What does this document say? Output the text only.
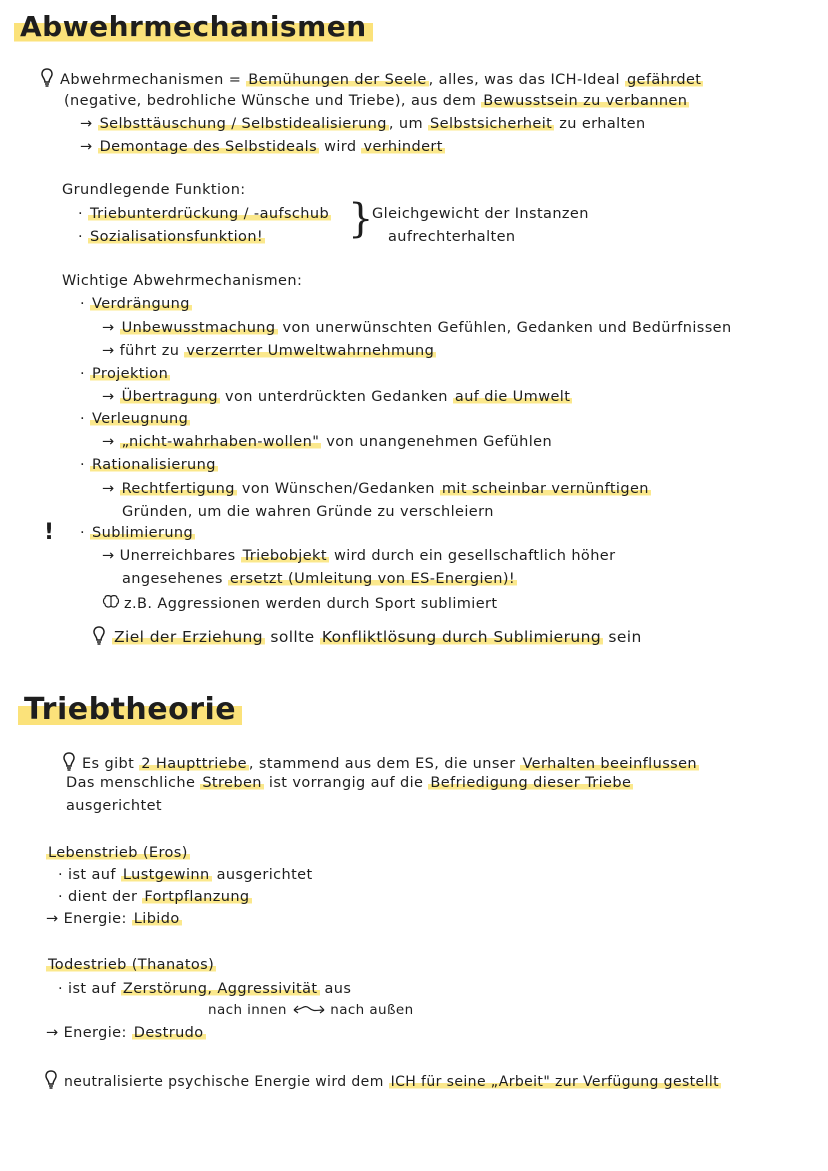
Abwehrmechanismen
Abwehrmechanismen = Bemühungen der Seele , alles, was das ICH-Ideal gefährdet
(negative, bedrohliche Wünsche und Triebe), aus dem Bewusstsein zu verbannen
→ Selbsttäuschung / Selbstidealisierung , um Selbstsicherheit zu erhalten
→ Demontage des Selbstideals wird verhindert
Grundlegende Funktion:
· Triebunterdrückung / -aufschub
· Sozialisationsfunktion! }
Gleichgewicht der Instanzen
aufrechterhalten
Wichtige Abwehrmechanismen:
· Verdrängung
→ Unbewusstmachung von unerwünschten Gefühlen, Gedanken und Bedürfnissen
→ führt zu verzerrter Umweltwahrnehmung
· Projektion
→ Übertragung von unterdrückten Gedanken auf die Umwelt
· Verleugnung
→ „nicht-wahrhaben-wollen" von unangenehmen Gefühlen
· Rationalisierung
→ Rechtfertigung von Wünschen/Gedanken mit scheinbar vernünftigen
Gründen, um die wahren Gründe zu verschleiern
! · Sublimierung
→ Unerreichbares Triebobjekt wird durch ein gesellschaftlich höher
angesehenes ersetzt (Umleitung von ES-Energien)!
z.B. Aggressionen werden durch Sport sublimiert
Ziel der Erziehung sollte Konfliktlösung durch Sublimierung sein
Triebtheorie
Es gibt 2 Haupttriebe , stammend aus dem ES, die unser Verhalten beeinflussen
Das menschliche Streben ist vorrangig auf die Befriedigung dieser Triebe
ausgerichtet
Lebenstrieb (Eros)
· ist auf Lustgewinn ausgerichtet
· dient der Fortpflanzung
→ Energie: Libido
Todestrieb (Thanatos)
· ist auf Zerstörung, Aggressivität aus
nach innen	nach außen
→ Energie: Destrudo
neutralisierte psychische Energie wird dem ICH für seine „Arbeit" zur Verfügung gestellt
